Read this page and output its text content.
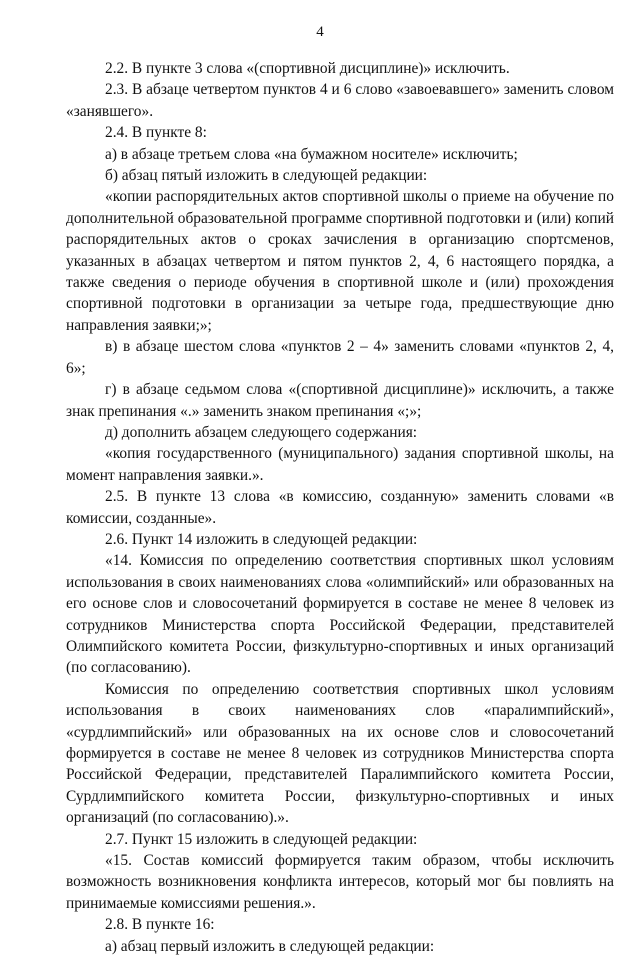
4

2.2. В пункте 3 слова «(спортивной дисциплине)» исключить.

2.3. В абзаце четвертом пунктов 4 и 6 слово «завоевавшего» заменить словом «занявшего».

2.4. В пункте 8:

а) в абзаце третьем слова «на бумажном носителе» исключить;

б) абзац пятый изложить в следующей редакции:

«копии распорядительных актов спортивной школы о приеме на обучение по дополнительной образовательной программе спортивной подготовки и (или) копий распорядительных актов о сроках зачисления в организацию спортсменов, указанных в абзацах четвертом и пятом пунктов 2, 4, 6 настоящего порядка, а также сведения о периоде обучения в спортивной школе и (или) прохождения спортивной подготовки в организации за четыре года, предшествующие дню направления заявки;»;

в) в абзаце шестом слова «пунктов 2 – 4» заменить словами «пунктов 2, 4, 6»;

г) в абзаце седьмом слова «(спортивной дисциплине)» исключить, а также знак препинания «.» заменить знаком препинания «;»;

д) дополнить абзацем следующего содержания:

«копия государственного (муниципального) задания спортивной школы, на момент направления заявки.».

2.5. В пункте 13 слова «в комиссию, созданную» заменить словами «в комиссии, созданные».

2.6. Пункт 14 изложить в следующей редакции:

«14. Комиссия по определению соответствия спортивных школ условиям использования в своих наименованиях слова «олимпийский» или образованных на его основе слов и словосочетаний формируется в составе не менее 8 человек из сотрудников Министерства спорта Российской Федерации, представителей Олимпийского комитета России, физкультурно-спортивных и иных организаций (по согласованию).

Комиссия по определению соответствия спортивных школ условиям использования в своих наименованиях слов «паралимпийский», «сурдлимпийский» или образованных на их основе слов и словосочетаний формируется в составе не менее 8 человек из сотрудников Министерства спорта Российской Федерации, представителей Паралимпийского комитета России, Сурдлимпийского комитета России, физкультурно-спортивных и иных организаций (по согласованию).».

2.7. Пункт 15 изложить в следующей редакции:

«15. Состав комиссий формируется таким образом, чтобы исключить возможность возникновения конфликта интересов, который мог бы повлиять на принимаемые комиссиями решения.».

2.8. В пункте 16:

а) абзац первый изложить в следующей редакции:
